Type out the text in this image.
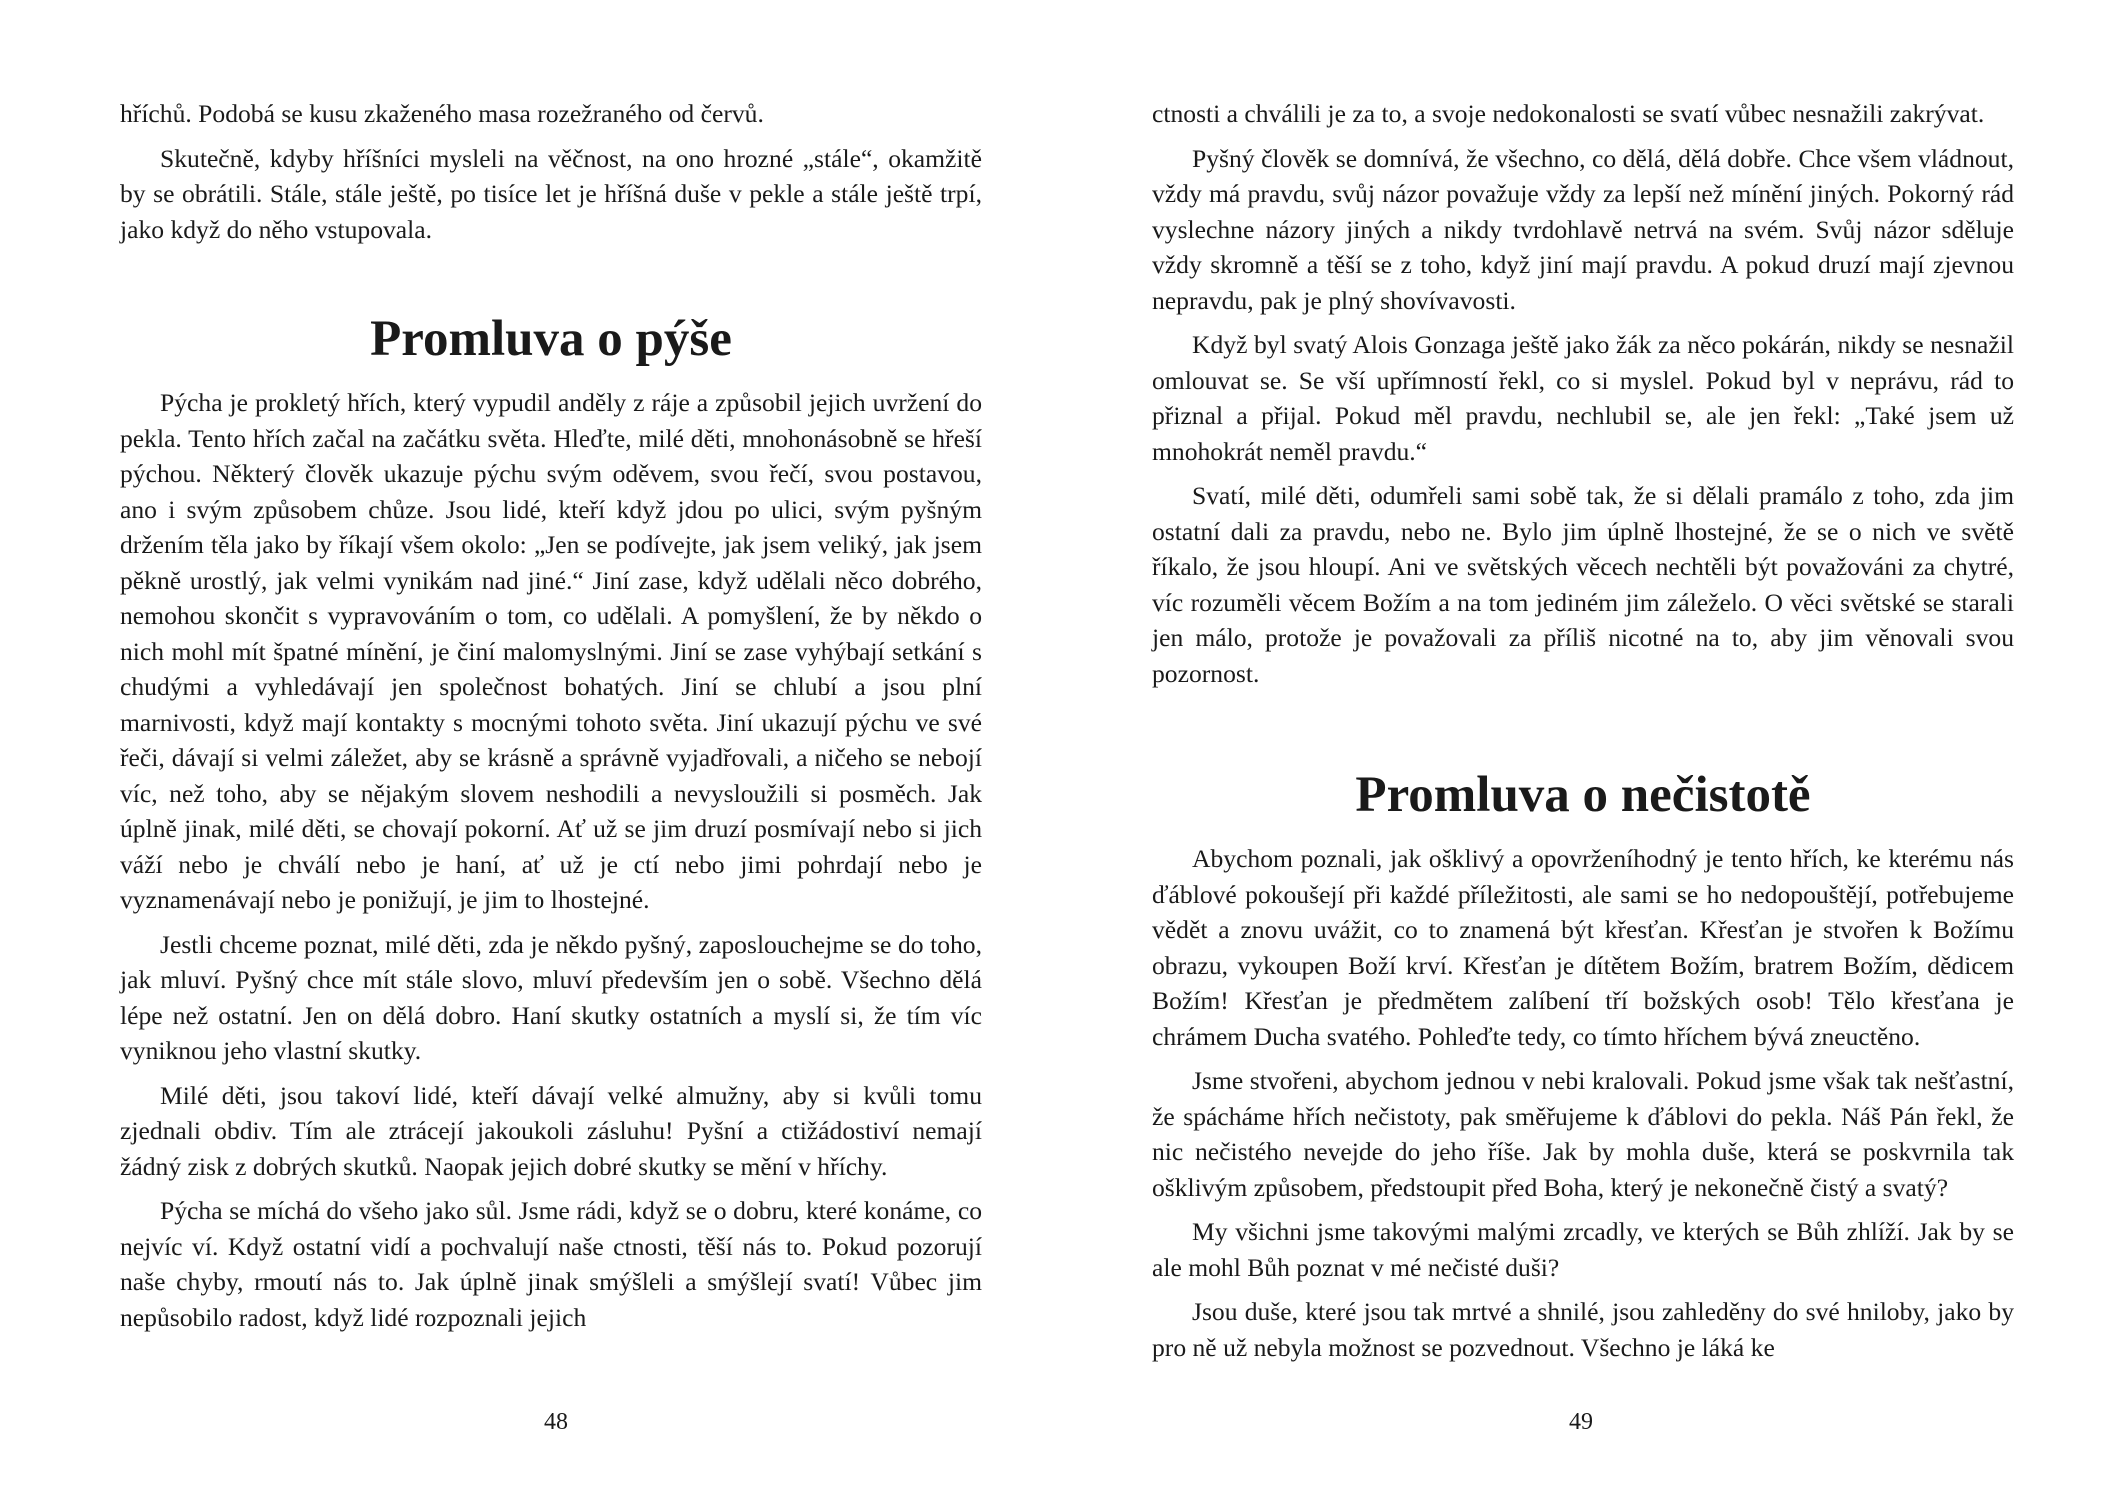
hříchů. Podobá se kusu zkaženého masa rozežraného od červů.

Skutečně, kdyby hříšníci mysleli na věčnost, na ono hrozné „stále“, okamžitě by se obrátili. Stále, stále ještě, po tisíce let je hříšná duše v pekle a stále ještě trpí, jako když do něho vstupovala.

Promluva o pýše

Pýcha je prokletý hřích, který vypudil anděly z ráje a způsobil jejich uvržení do pekla. Tento hřích začal na začátku světa. Hleďte, milé děti, mnohonásobně se hřeší pýchou. Některý člověk ukazuje pýchu svým oděvem, svou řečí, svou postavou, ano i svým způsobem chůze. Jsou lidé, kteří když jdou po ulici, svým pyšným držením těla jako by říkají všem okolo: „Jen se podívejte, jak jsem veliký, jak jsem pěkně urostlý, jak velmi vynikám nad jiné.“ Jiní zase, když udělali něco dobrého, nemohou skončit s vypravováním o tom, co udělali. A pomyšlení, že by někdo o nich mohl mít špatné mínění, je činí malomyslnými. Jiní se zase vyhýbají setkání s chudými a vyhledávají jen společnost bohatých. Jiní se chlubí a jsou plní marnivosti, když mají kontakty s mocnými tohoto světa. Jiní ukazují pýchu ve své řeči, dávají si velmi záležet, aby se krásně a správně vyjadřovali, a ničeho se nebojí víc, než toho, aby se nějakým slovem neshodili a nevysloužili si posměch. Jak úplně jinak, milé děti, se chovají pokorní. Ať už se jim druzí posmívají nebo si jich váží nebo je chválí nebo je haní, ať už je ctí nebo jimi pohrdají nebo je vyznamenávají nebo je ponižují, je jim to lhostejné.

Jestli chceme poznat, milé děti, zda je někdo pyšný, zaposlouchejme se do toho, jak mluví. Pyšný chce mít stále slovo, mluví především jen o sobě. Všechno dělá lépe než ostatní. Jen on dělá dobro. Haní skutky ostatních a myslí si, že tím víc vyniknou jeho vlastní skutky.

Milé děti, jsou takoví lidé, kteří dávají velké almužny, aby si kvůli tomu zjednali obdiv. Tím ale ztrácejí jakoukoli zásluhu! Pyšní a ctižádostiví nemají žádný zisk z dobrých skutků. Naopak jejich dobré skutky se mění v hříchy.

Pýcha se míchá do všeho jako sůl. Jsme rádi, když se o dobru, které konáme, co nejvíc ví. Když ostatní vidí a pochvalují naše ctnosti, těší nás to. Pokud pozorují naše chyby, rmoutí nás to. Jak úplně jinak smýšleli a smýšlejí svatí! Vůbec jim nepůsobilo radost, když lidé rozpoznali jejich

ctnosti a chválili je za to, a svoje nedokonalosti se svatí vůbec nesnažili zakrývat.

Pyšný člověk se domnívá, že všechno, co dělá, dělá dobře. Chce všem vládnout, vždy má pravdu, svůj názor považuje vždy za lepší než mínění jiných. Pokorný rád vyslechne názory jiných a nikdy tvrdohlavě netrvá na svém. Svůj názor sděluje vždy skromně a těší se z toho, když jiní mají pravdu. A pokud druzí mají zjevnou nepravdu, pak je plný shovívavosti.

Když byl svatý Alois Gonzaga ještě jako žák za něco pokárán, nikdy se nesnažil omlouvat se. Se vší upřímností řekl, co si myslel. Pokud byl v neprávu, rád to přiznal a přijal. Pokud měl pravdu, nechlubil se, ale jen řekl: „Také jsem už mnohokrát neměl pravdu.“

Svatí, milé děti, odumřeli sami sobě tak, že si dělali pramálo z toho, zda jim ostatní dali za pravdu, nebo ne. Bylo jim úplně lhostejné, že se o nich ve světě říkalo, že jsou hloupí. Ani ve světských věcech nechtěli být považováni za chytré, víc rozuměli věcem Božím a na tom jediném jim záleželo. O věci světské se starali jen málo, protože je považovali za příliš nicotné na to, aby jim věnovali svou pozornost.

Promluva o nečistotě

Abychom poznali, jak ošklivý a opovrženíhodný je tento hřích, ke kterému nás ďáblové pokoušejí při každé příležitosti, ale sami se ho nedopouštějí, potřebujeme vědět a znovu uvážit, co to znamená být křesťan. Křesťan je stvořen k Božímu obrazu, vykoupen Boží krví. Křesťan je dítětem Božím, bratrem Božím, dědicem Božím! Křesťan je předmětem zalíbení tří božských osob! Tělo křesťana je chrámem Ducha svatého. Pohleďte tedy, co tímto hříchem bývá zneuctěno.

Jsme stvořeni, abychom jednou v nebi kralovali. Pokud jsme však tak nešťastní, že spácháme hřích nečistoty, pak směřujeme k ďáblovi do pekla. Náš Pán řekl, že nic nečistého nevejde do jeho říše. Jak by mohla duše, která se poskvrnila tak ošklivým způsobem, předstoupit před Boha, který je nekonečně čistý a svatý?

My všichni jsme takovými malými zrcadly, ve kterých se Bůh zhlíží. Jak by se ale mohl Bůh poznat v mé nečisté duši?

Jsou duše, které jsou tak mrtvé a shnilé, jsou zahleděny do své hniloby, jako by pro ně už nebyla možnost se pozvednout. Všechno je láká ke

48	49
